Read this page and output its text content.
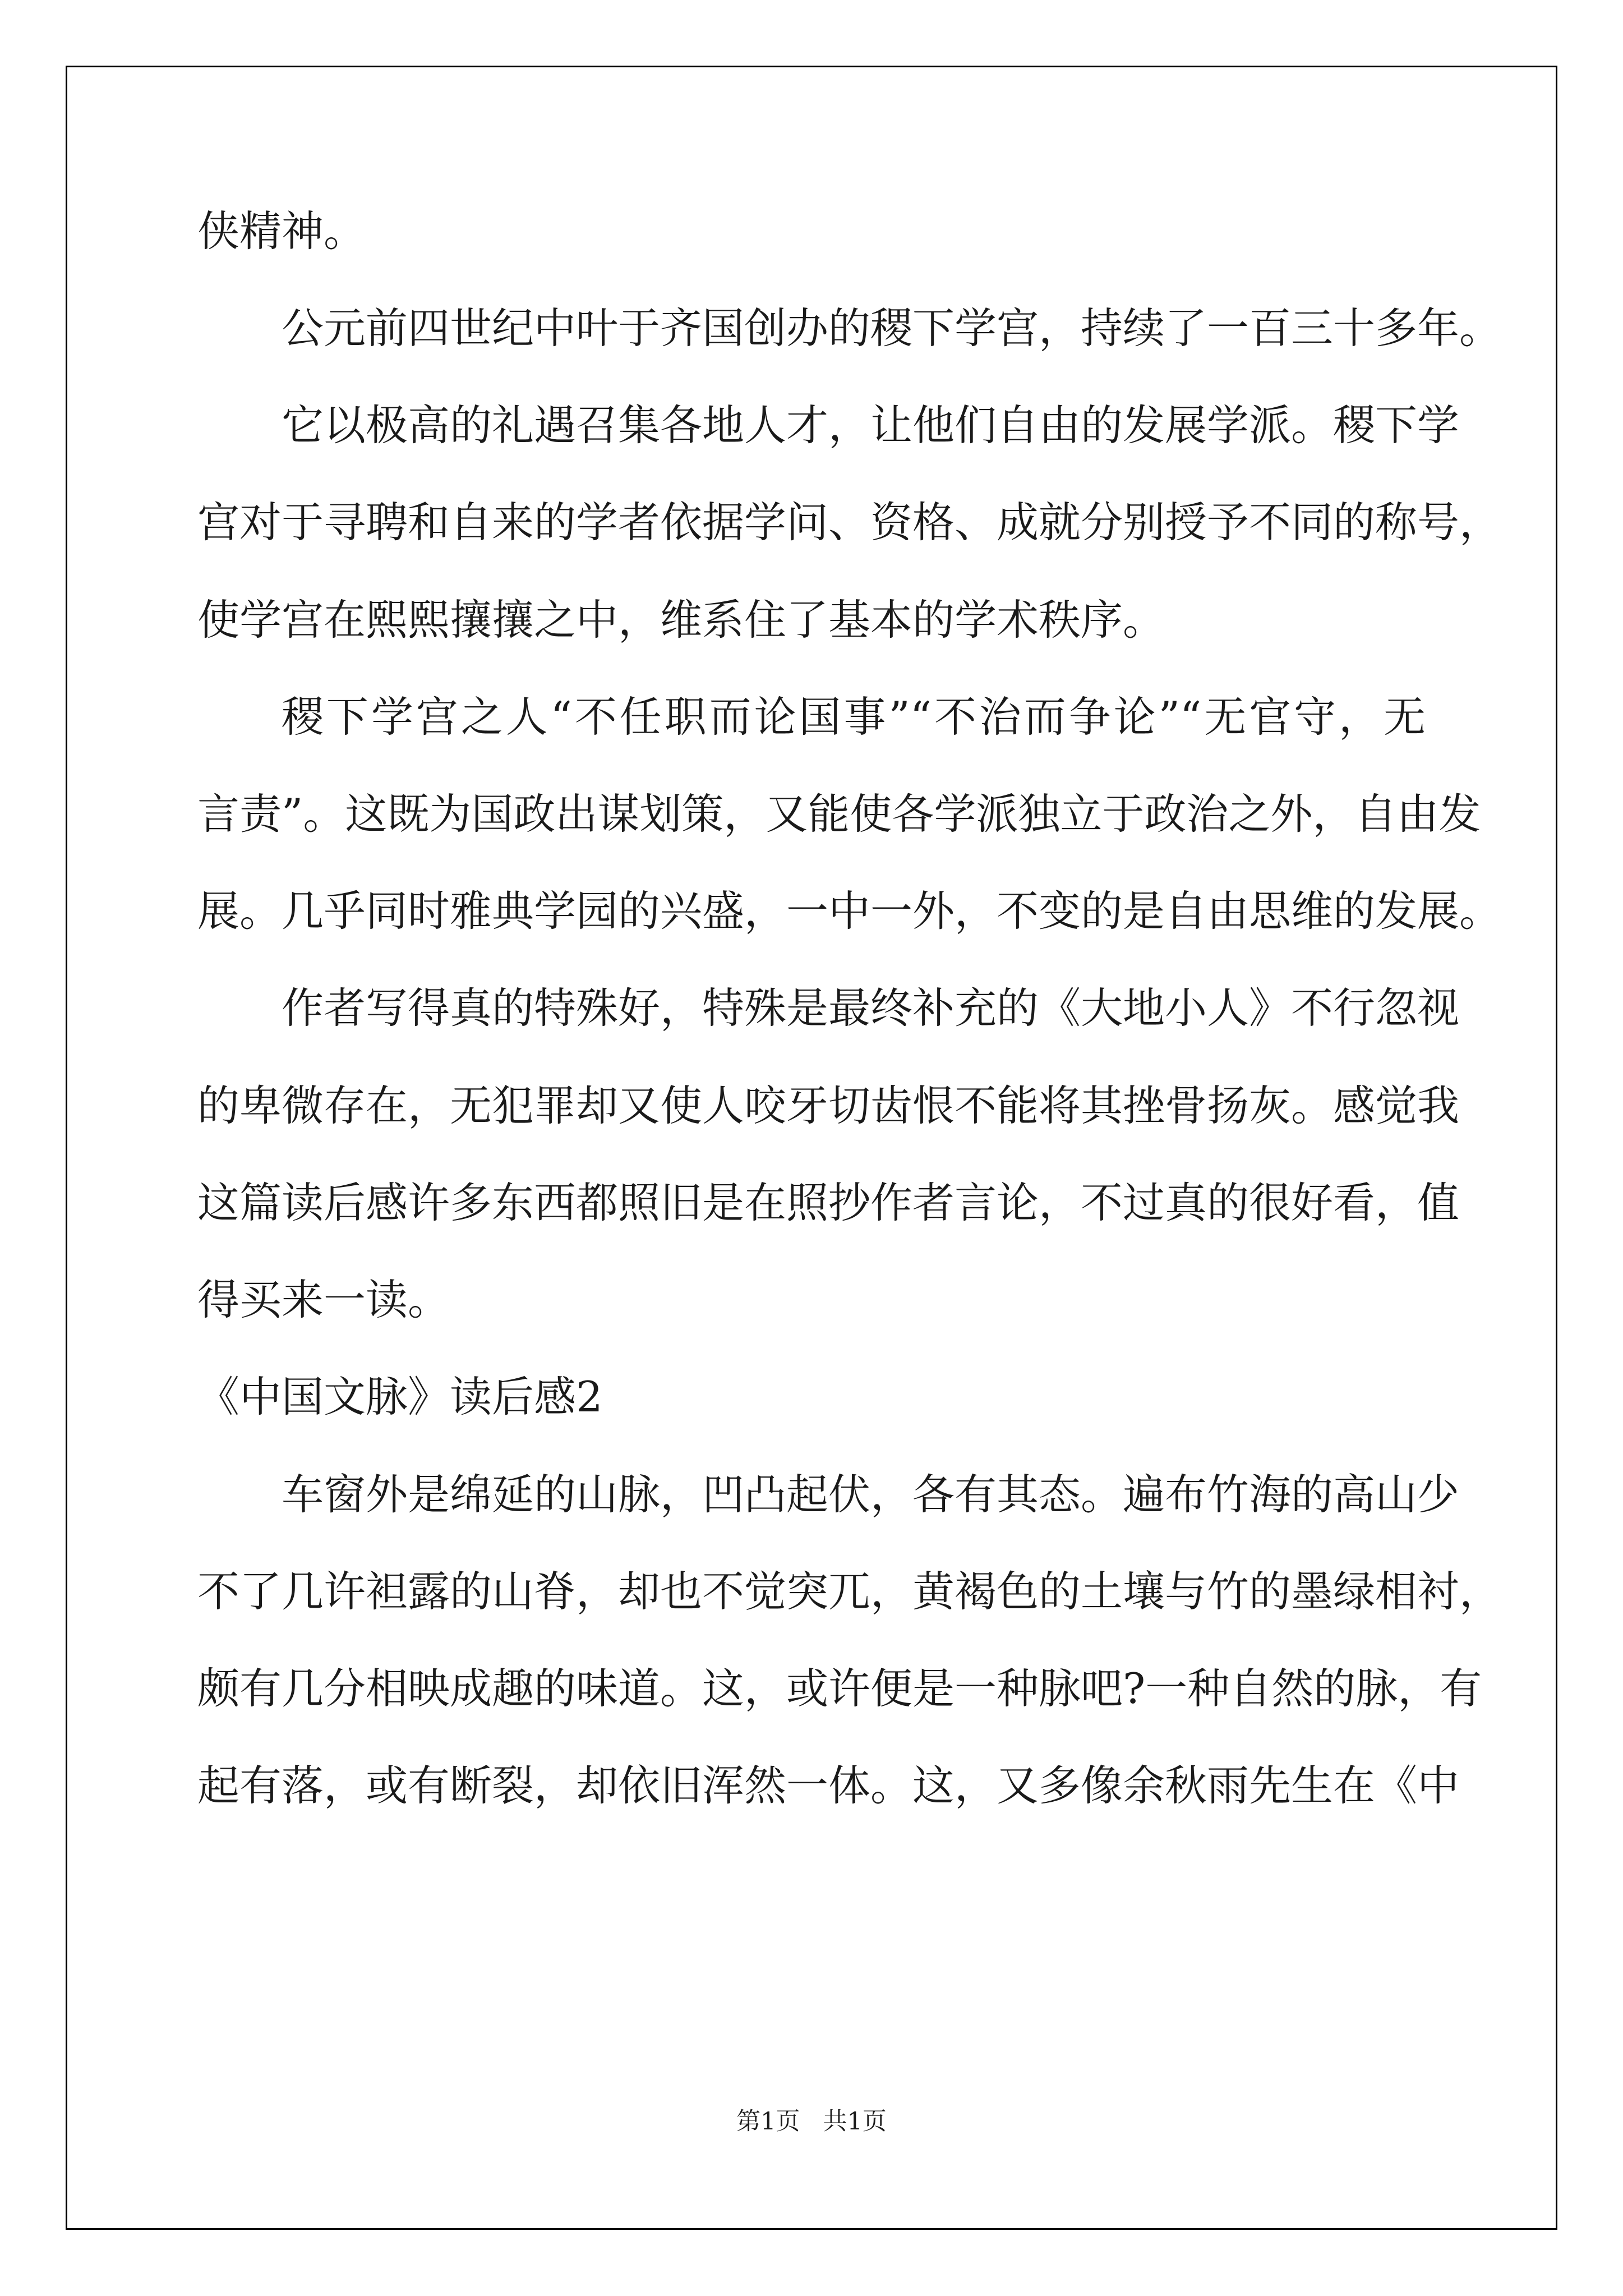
侠精神。
公元前四世纪中叶于齐国创办的稷下学宫，持续了一百三十多年。
它以极高的礼遇召集各地人才，让他们自由的发展学派。稷下学
宫对于寻聘和自来的学者依据学问、资格、成就分别授予不同的称号，
使学宫在熙熙攘攘之中，维系住了基本的学术秩序。
稷下学宫之人“不任职而论国事”“不治而争论”“无官守，无
言责”。这既为国政出谋划策，又能使各学派独立于政治之外，自由发
展。几乎同时雅典学园的兴盛，一中一外，不变的是自由思维的发展。
作者写得真的特殊好，特殊是最终补充的《大地小人》不行忽视
的卑微存在，无犯罪却又使人咬牙切齿恨不能将其挫骨扬灰。感觉我
这篇读后感许多东西都照旧是在照抄作者言论，不过真的很好看，值
得买来一读。
《中国文脉》读后感2
车窗外是绵延的山脉，凹凸起伏，各有其态。遍布竹海的高山少
不了几许袒露的山脊，却也不觉突兀，黄褐色的土壤与竹的墨绿相衬，
颇有几分相映成趣的味道。这，或许便是一种脉吧?一种自然的脉，有
起有落，或有断裂，却依旧浑然一体。这，又多像余秋雨先生在《中
第1页   共1页
